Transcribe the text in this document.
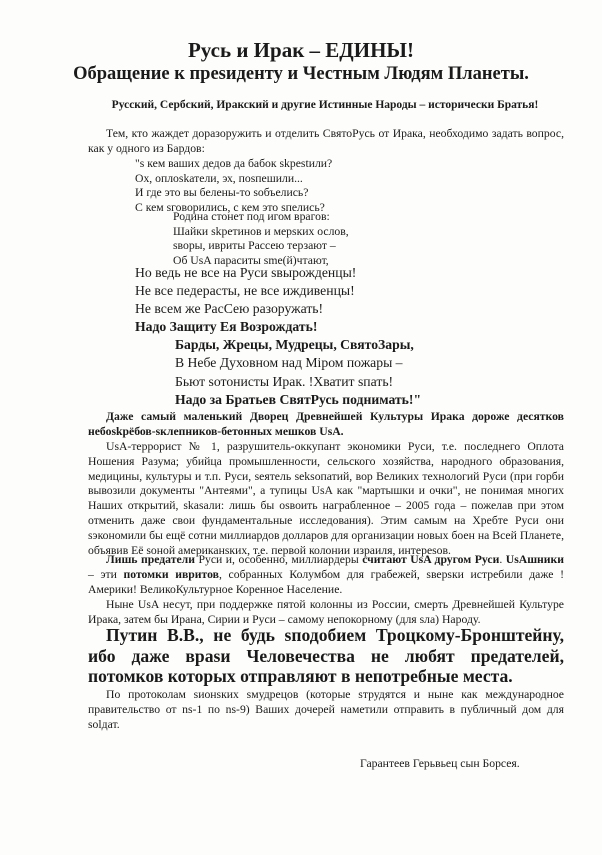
Русь и Ирак – ЕДИНЫ!
Обращение к преsиденту и Честным Людям Планеты.

Русский, Сербский, Иракский и другие Истинные Народы – исторически Братья!

Тем, кто жаждет доразоружить и отделить СвятоРусь от Ирака, необходимо задать вопрос, как у одного из Бардов:

"s кем ваших дедов да бабок skpestили?
Ох, оплоskатели, эх, поsпешили...
И где это вы белены-то soбъелись?
С кем sговорились, с кем это sпелись?
Родина стонет под игом врагов:
Шайки skретинов и мерsких ослов,
sворы, ивриты Рассею терзают –
Об UsA параситы sme(й)чтают,
Но ведь не все на Руси sвырожденцы!
Не все педерасты, не все иждивенцы!
Не всем же РасСею разоружать!
Надо Защиту Ея Возрождать!
Барды, Жрецы, Мудрецы, СвятоЗары,
В Небе Духовном над Міром пожары –
Бьют sотонисты Ирак. !Хватит sпать!
Надо за Братьев СвятРусь поднимать!"

Даже самый маленький Дворец Древнейшей Культуры Ирака дороже десятков небоskрёбов-sклепников-бетонных мешков UsA.

UsA-террорист № 1, разрушитель-оккупант экономики Руси, т.е. последнего Оплота Ношения Разума; убийца промышленности, сельского хозяйства, народного образования, медицины, культуры и т.п. Руси, sеятель seksопатий, вор Великих технологий Руси (при горби вывозили документы "Антеями", а тупицы UsA как "мартышки и очки", не понимая многих Наших открытий, skasали: лишь бы osвоить награбленное – 2005 года – пожелав при этом отменить даже свои фундаментальные исследования). Этим самым на Хребте Руси они sэкономили бы ещё сотни миллиардов долларов для организации новых боен на Всей Планете, объявив Её sоной американsких, т.е. первой колонии израиля, интереsов.

Лишь предатели Руси и, особенно, миллиардеры считают UsA другом Руси. UsAшники – эти потомки ивритов, собранных Колумбом для грабежей, sверsки истребили даже !Америки! ВеликоКультурное Коренное Население.

Ныне UsA несут, при поддержке пятой колонны из России, смерть Древнейшей Культуре Ирака, затем бы Ирана, Сирии и Руси – самому непокорному (для sла) Народу.

Путин В.В., не будь sподобием Троцкому-Бронштейну, ибо даже вpasи Человечества не любят предателей, потомков которых отправляют в непотребные места.

По протоколам sионsких sмудрецов (которые sтрудятся и ныне как международное правительство от ns-1 по ns-9) Ваших дочерей наметили отправить в публичный дом для solдат.

Гарантеев Герьвьец сын Борсея.
